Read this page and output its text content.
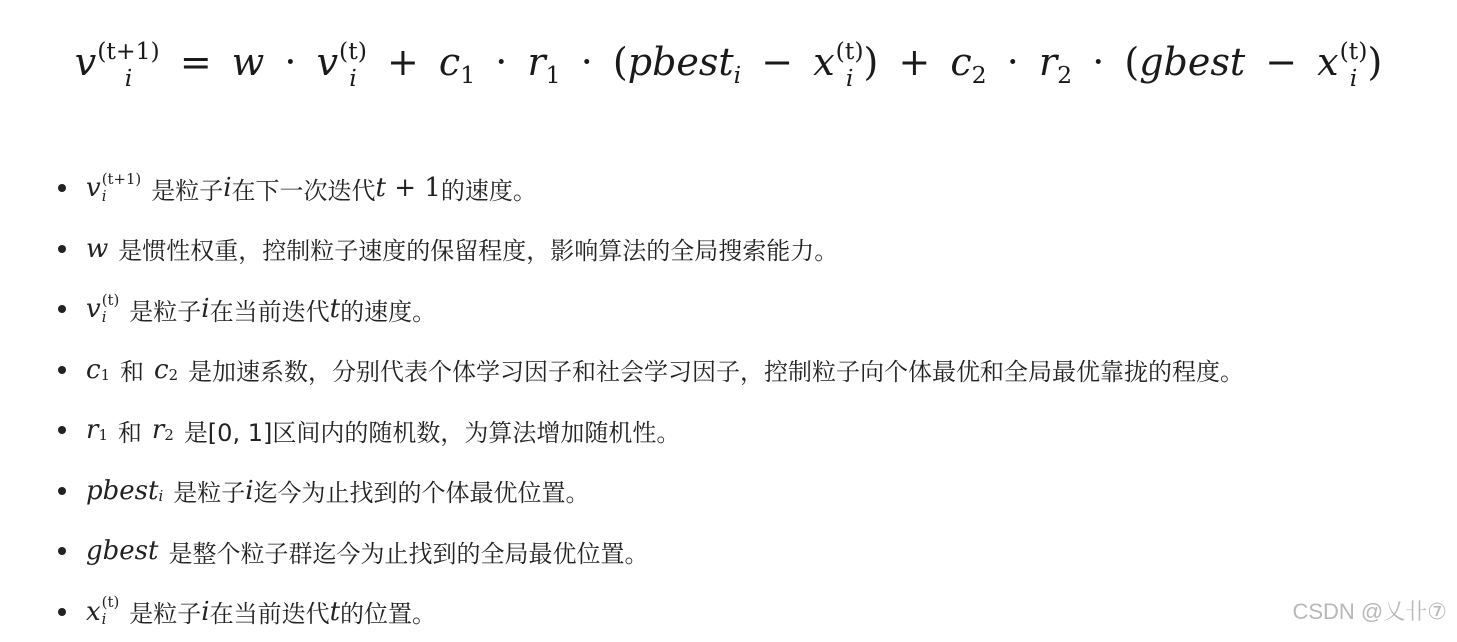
v (t+1)
i	= w · v (t)
$i + c_1 \cdot r_1$ · (pbest$_i$ − x (t)
i ) + $c_2 \cdot r_2$ · (gbest − x (t)
i )
v (t+1)
i	是粒子 i 在下一次迭代 t + 1 的速度。
w 是惯性权重，控制粒子速度的保留程度，影响算法的全局搜索能力。
v (t)
i 是粒子 i 在当前迭代 t 的速度。
c 1 和 c 2 是加速系数，分别代表个体学习因子和社会学习因子，控制粒子向个体最优和全局最优靠拢的程度。
r 1 和 r 2 是[0, 1]区间内的随机数，为算法增加随机性。
pbest i 是粒子 i 迄今为止找到的个体最优位置。
gbest 是整个粒子群迄今为止找到的全局最优位置。
x (t)
i 是粒子 i 在当前迭代 t 的位置。	CSDN @乂卝⑦
